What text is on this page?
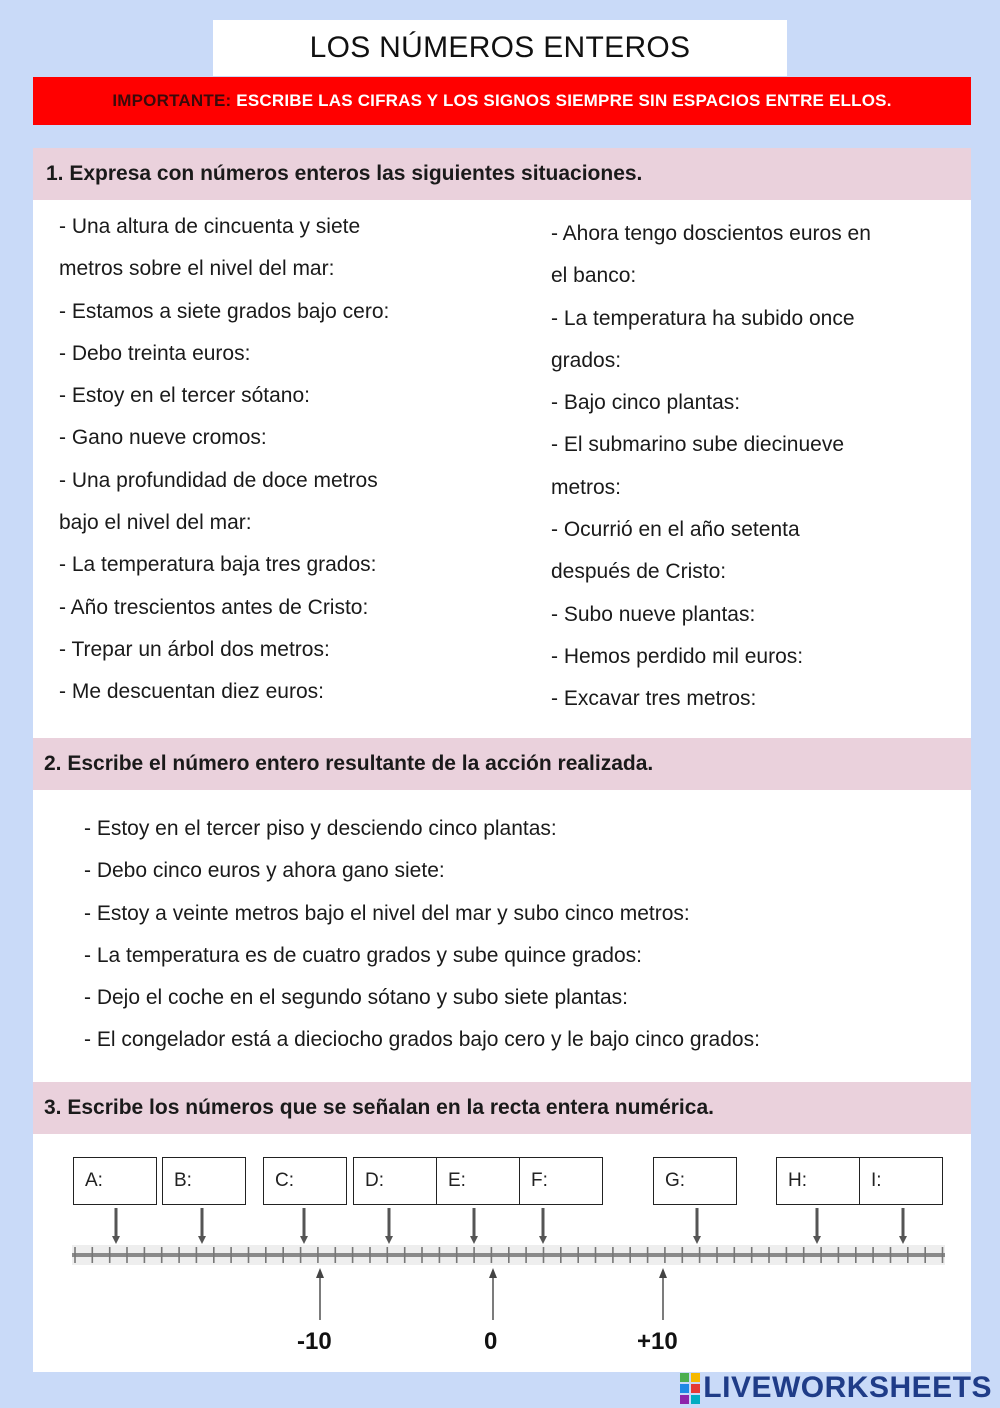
LOS NÚMEROS ENTEROS
IMPORTANTE:
ESCRIBE LAS CIFRAS Y LOS SIGNOS SIEMPRE SIN ESPACIOS ENTRE ELLOS.
1. Expresa con números enteros las siguientes situaciones.
- Una altura de cincuenta y siete
metros sobre el nivel del mar:
- Estamos a siete grados bajo cero:
- Debo treinta euros:
- Estoy en el tercer sótano:
- Gano nueve cromos:
- Una profundidad de doce metros
bajo el nivel del mar:
- La temperatura baja tres grados:
- Año trescientos antes de Cristo:
- Trepar un árbol dos metros:
- Me descuentan diez euros:
- Ahora tengo doscientos euros en
el banco:
- La temperatura ha subido once
grados:
- Bajo cinco plantas:
- El submarino sube diecinueve
metros:
- Ocurrió en el año setenta
después de Cristo:
- Subo nueve plantas:
- Hemos perdido mil euros:
- Excavar tres metros:
2. Escribe el número entero resultante de la acción realizada.
- Estoy en el tercer piso y desciendo cinco plantas:
- Debo cinco euros y ahora gano siete:
- Estoy a veinte metros bajo el nivel del mar y subo cinco metros:
- La temperatura es de cuatro grados y sube quince grados:
- Dejo el coche en el segundo sótano y subo siete plantas:
- El congelador está a dieciocho grados bajo cero y le bajo cinco grados:
3. Escribe los números que se señalan en la recta entera numérica.
A:	B:	C:	D:	E:	F:	G:	H:	I:
-10	0	+10
LIVEWORKSHEETS
